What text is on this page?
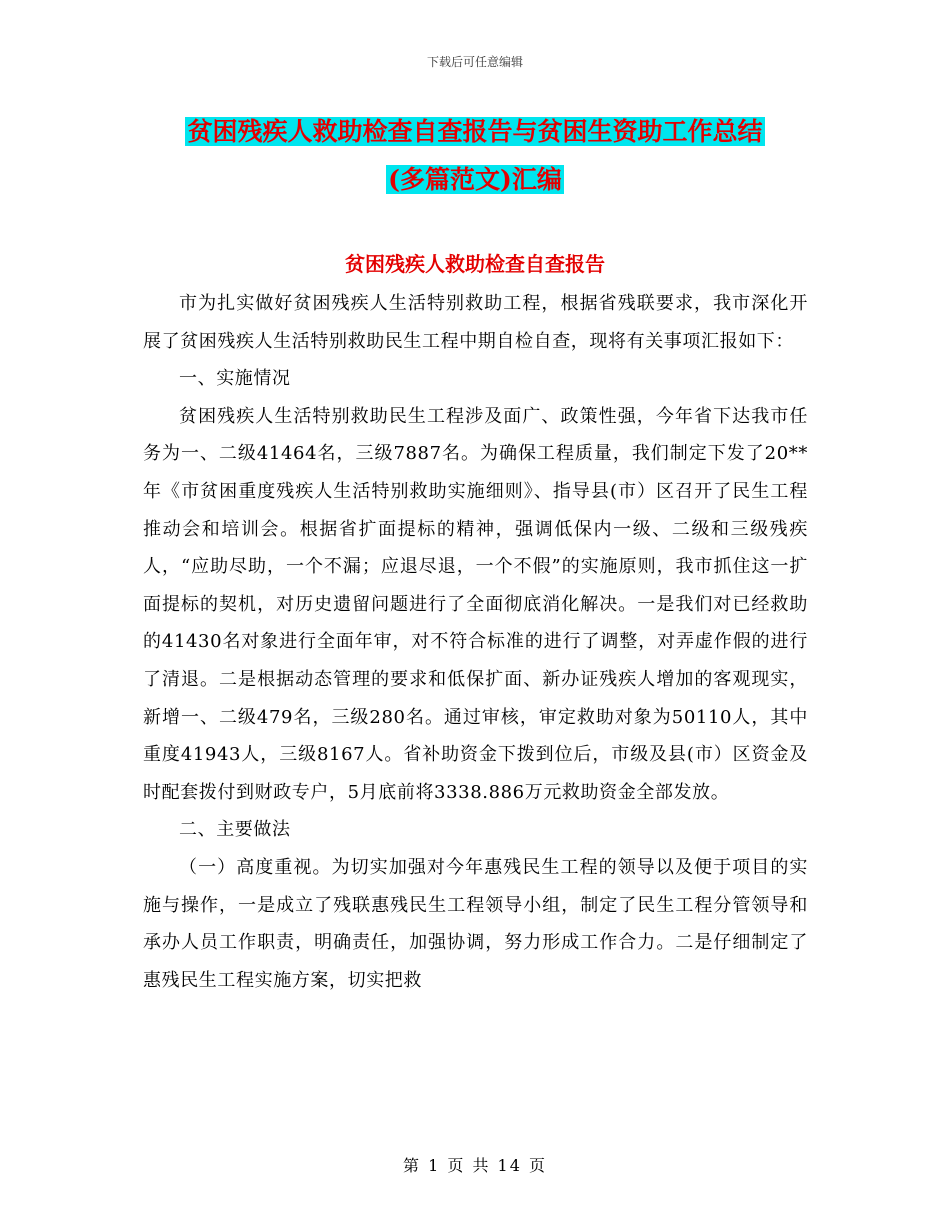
下载后可任意编辑
贫困残疾人救助检查自查报告与贫困生资助工作总结
(多篇范文)汇编
贫困残疾人救助检查自查报告

市为扎实做好贫困残疾人生活特别救助工程，根据省残联要求，我市深化开展了贫困残疾人生活特别救助民生工程中期自检自查，现将有关事项汇报如下：

一、实施情况

贫困残疾人生活特别救助民生工程涉及面广、政策性强，今年省下达我市任务为一、二级41464名，三级7887名。为确保工程质量，我们制定下发了20**年《市贫困重度残疾人生活特别救助实施细则》、指导县(市）区召开了民生工程推动会和培训会。根据省扩面提标的精神，强调低保内一级、二级和三级残疾人，“应助尽助，一个不漏；应退尽退，一个不假”的实施原则，我市抓住这一扩面提标的契机，对历史遗留问题进行了全面彻底消化解决。一是我们对已经救助的41430名对象进行全面年审，对不符合标准的进行了调整，对弄虚作假的进行了清退。二是根据动态管理的要求和低保扩面、新办证残疾人增加的客观现实，新增一、二级479名，三级280名。通过审核，审定救助对象为50110人，其中重度41943人，三级8167人。省补助资金下拨到位后，市级及县(市）区资金及时配套拨付到财政专户，5月底前将3338.886万元救助资金全部发放。

二、主要做法

（一）高度重视。为切实加强对今年惠残民生工程的领导以及便于项目的实施与操作，一是成立了残联惠残民生工程领导小组，制定了民生工程分管领导和承办人员工作职责，明确责任，加强协调，努力形成工作合力。二是仔细制定了惠残民生工程实施方案，切实把救

第 1 页 共 14 页
